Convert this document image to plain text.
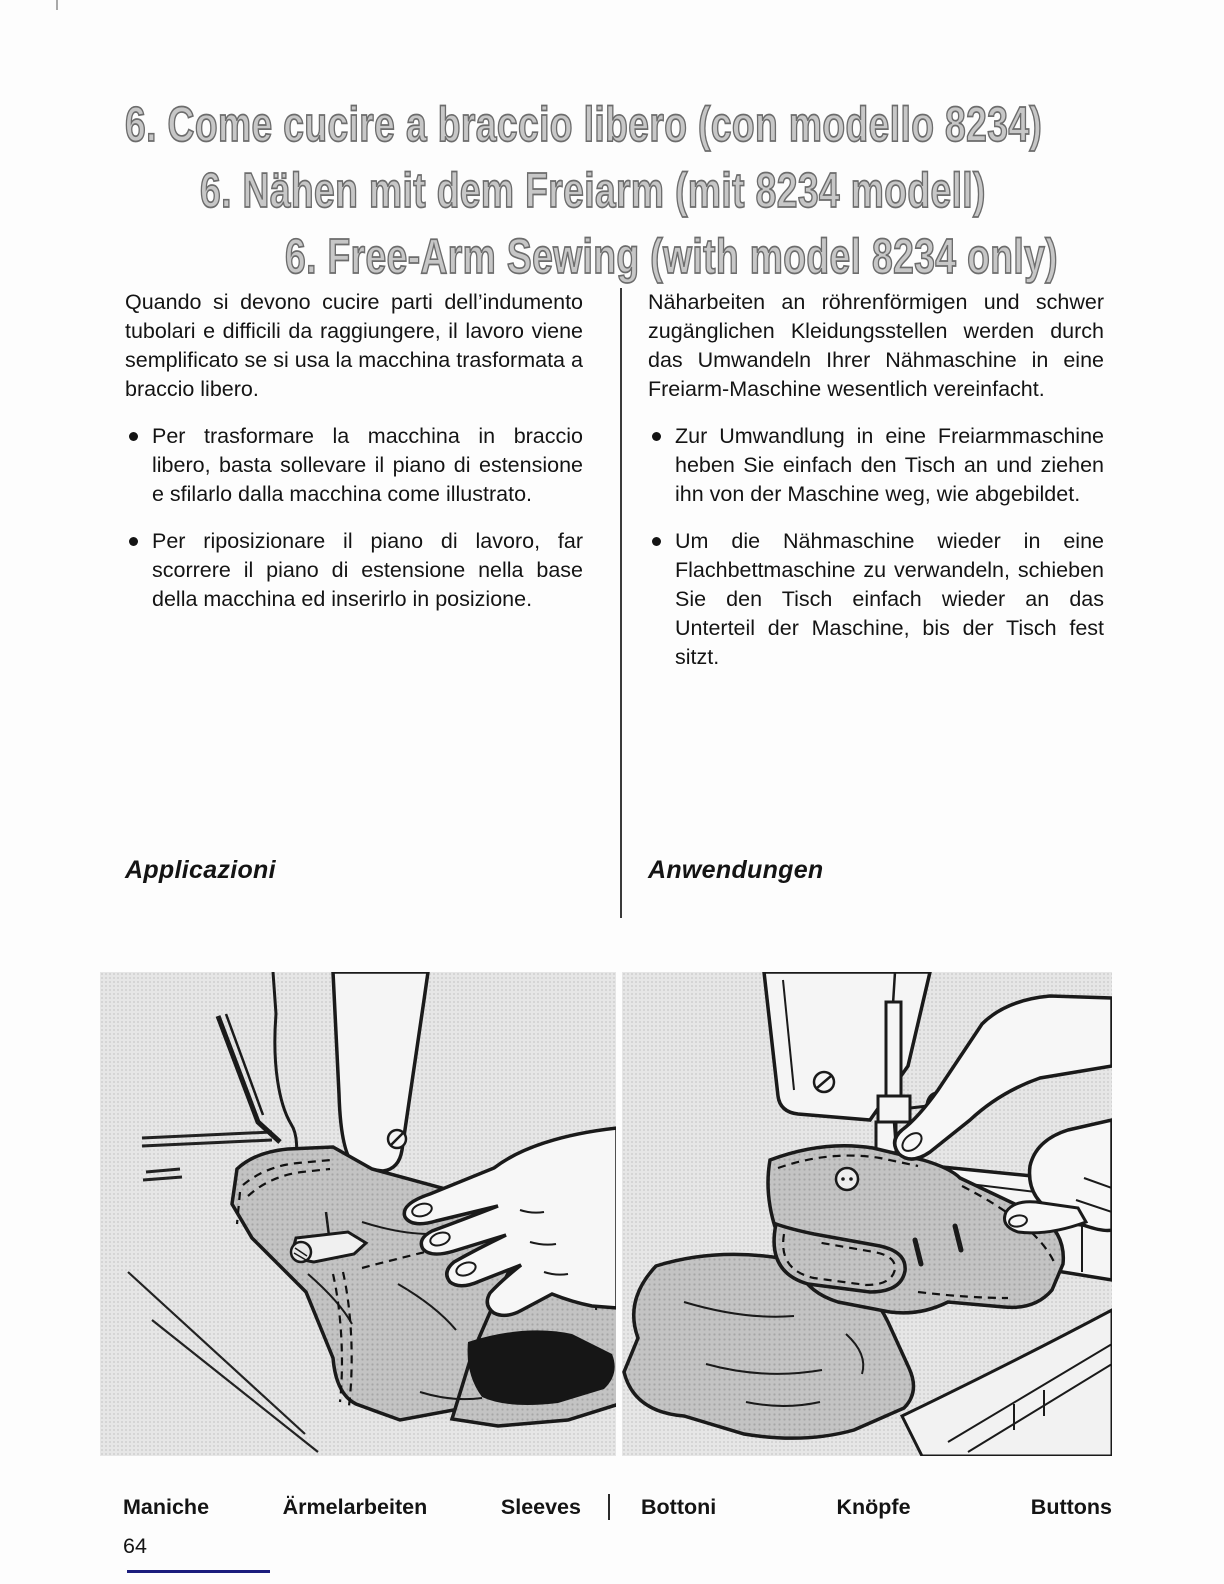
6. Come cucire a braccio libero (con modello 8234)
6. Nähen mit dem Freiarm (mit 8234 modell)
6. Free-Arm Sewing (with model 8234 only)

Quando si devono cucire parti dell’indumento tubolari e difficili da raggiungere, il lavoro viene semplificato se si usa la macchina trasformata a braccio libero.

Per trasformare la macchina in braccio libero, basta sollevare il piano di estensione e sfilarlo dalla macchina come illustrato.
Per riposizionare il piano di lavoro, far scorrere il piano di estensione nella base della macchina ed inserirlo in posizione.

Näharbeiten an röhrenförmigen und schwer zugänglichen Kleidungsstellen werden durch das Umwandeln Ihrer Nähmaschine in eine Freiarm-Maschine wesentlich vereinfacht.

Zur Umwandlung in eine Freiarmmaschine heben Sie einfach den Tisch an und ziehen ihn von der Maschine weg, wie abgebildet.
Um die Nähmaschine wieder in eine Flachbettmaschine zu verwandeln, schieben Sie den Tisch einfach wieder an das Unterteil der Maschine, bis der Tisch fest sitzt.
Applicazioni	Anwendungen
Maniche	Ärmelarbeiten	Sleeves	Bottoni	Knöpfe	Buttons
64
